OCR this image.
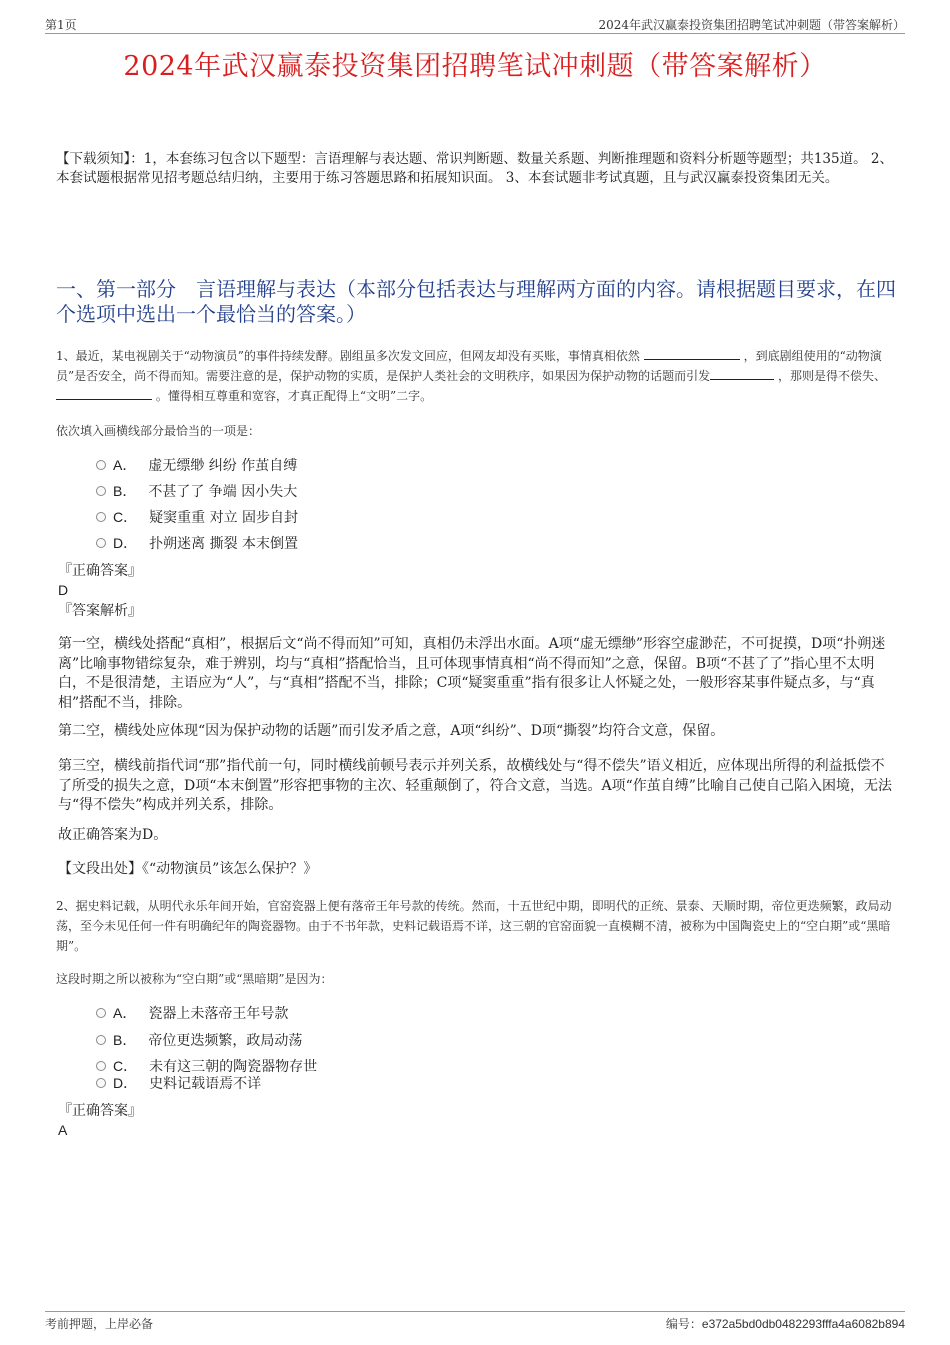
第1页	2024年武汉赢泰投资集团招聘笔试冲刺题（带答案解析）
2024年武汉赢泰投资集团招聘笔试冲刺题（带答案解析）
【下载须知】：1，本套练习包含以下题型：言语理解与表达题、常识判断题、数量关系题、判断推理题和资料分析题等题型；共135道。 2、本套试题根据常见招考题总结归纳，主要用于练习答题思路和拓展知识面。 3、本套试题非考试真题，且与武汉赢泰投资集团无关。
一、第一部分　言语理解与表达（本部分包括表达与理解两方面的内容。请根据题目要求，在四个选项中选出一个最恰当的答案。）
1、最近，某电视剧关于“动物演员”的事件持续发酵。剧组虽多次发文回应，但网友却没有买账，事情真相依然	，到底剧组使用的“动物演员”是否安全，尚不得而知。需要注意的是，保护动物的实质，是保护人类社会的文明秩序，如果因为保护动物的话题而引发	，那则是得不偿失、 。懂得相互尊重和宽容，才真正配得上“文明”二字。
依次填入画横线部分最恰当的一项是：
A． 虚无缥缈 纠纷 作茧自缚
B． 不甚了了 争端 因小失大
C． 疑窦重重 对立 固步自封
D． 扑朔迷离 撕裂 本末倒置
『正确答案』
D
『答案解析』
第一空，横线处搭配“真相”，根据后文“尚不得而知”可知，真相仍未浮出水面。A项“虚无缥缈”形容空虚渺茫，不可捉摸，D项“扑朔迷离”比喻事物错综复杂，难于辨别，均与“真相”搭配恰当，且可体现事情真相“尚不得而知”之意，保留。B项“不甚了了”指心里不太明白，不是很清楚，主语应为“人”，与“真相”搭配不当，排除；C项“疑窦重重”指有很多让人怀疑之处，一般形容某事件疑点多，与“真相”搭配不当，排除。
第二空，横线处应体现“因为保护动物的话题”而引发矛盾之意，A项“纠纷”、D项“撕裂”均符合文意，保留。
第三空，横线前指代词“那”指代前一句，同时横线前顿号表示并列关系，故横线处与“得不偿失”语义相近，应体现出所得的利益抵偿不了所受的损失之意，D项“本末倒置”形容把事物的主次、轻重颠倒了，符合文意，当选。A项“作茧自缚”比喻自己使自己陷入困境，无法与“得不偿失”构成并列关系，排除。
故正确答案为D。
【文段出处】《“动物演员”该怎么保护？》
2、据史料记载，从明代永乐年间开始，官窑瓷器上便有落帝王年号款的传统。然而，十五世纪中期，即明代的正统、景泰、天顺时期，帝位更迭频繁，政局动荡，至今未见任何一件有明确纪年的陶瓷器物。由于不书年款，史料记载语焉不详，这三朝的官窑面貌一直模糊不清，被称为中国陶瓷史上的“空白期”或“黑暗期”。
这段时期之所以被称为“空白期”或“黑暗期”是因为：
A． 瓷器上未落帝王年号款
B． 帝位更迭频繁，政局动荡
C． 未有这三朝的陶瓷器物存世
D． 史料记载语焉不详
『正确答案』
A
考前押题，上岸必备	编号：e372a5bd0db0482293fffa4a6082b894
